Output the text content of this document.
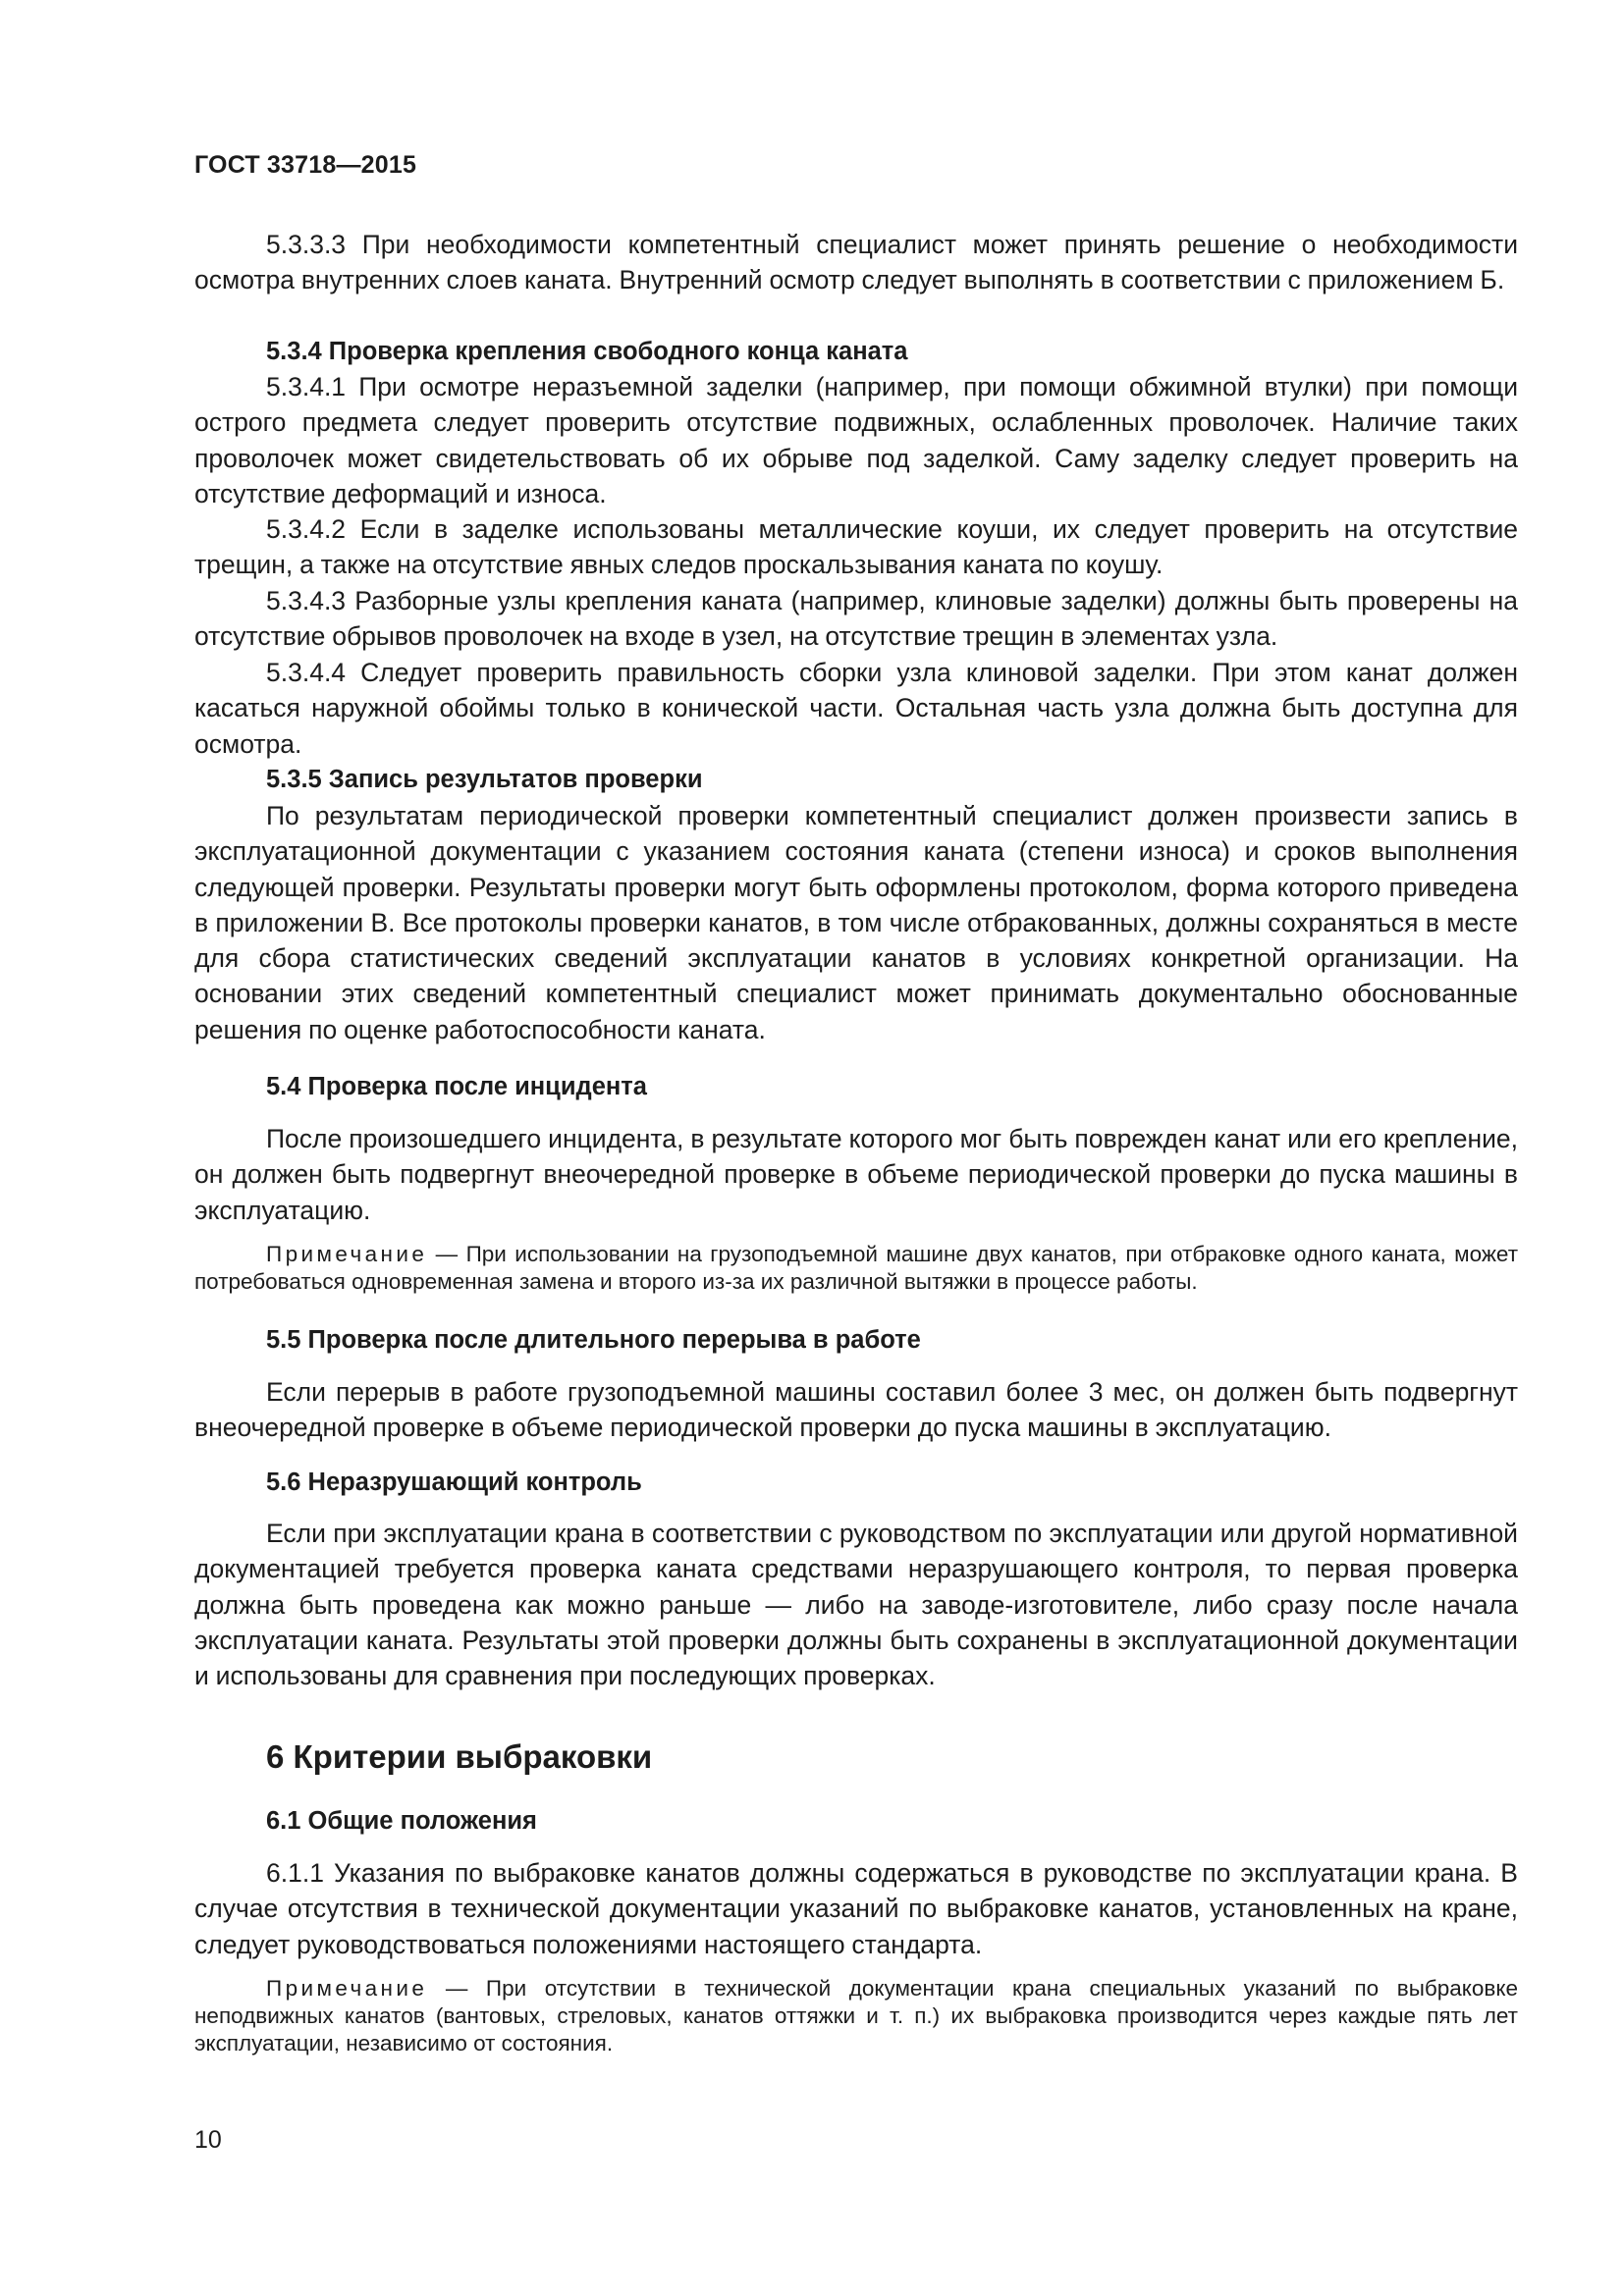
ГОСТ 33718—2015

5.3.3.3 При необходимости компетентный специалист может принять решение о необходимости осмотра внутренних слоев каната. Внутренний осмотр следует выполнять в соответствии с приложением Б.

5.3.4 Проверка крепления свободного конца каната

5.3.4.1 При осмотре неразъемной заделки (например, при помощи обжимной втулки) при помощи острого предмета следует проверить отсутствие подвижных, ослабленных проволочек. Наличие таких проволочек может свидетельствовать об их обрыве под заделкой. Саму заделку следует проверить на отсутствие деформаций и износа.

5.3.4.2 Если в заделке использованы металлические коуши, их следует проверить на отсутствие трещин, а также на отсутствие явных следов проскальзывания каната по коушу.

5.3.4.3 Разборные узлы крепления каната (например, клиновые заделки) должны быть проверены на отсутствие обрывов проволочек на входе в узел, на отсутствие трещин в элементах узла.

5.3.4.4 Следует проверить правильность сборки узла клиновой заделки. При этом канат должен касаться наружной обоймы только в конической части. Остальная часть узла должна быть доступна для осмотра.

5.3.5 Запись результатов проверки

По результатам периодической проверки компетентный специалист должен произвести запись в эксплуатационной документации с указанием состояния каната (степени износа) и сроков выполнения следующей проверки. Результаты проверки могут быть оформлены протоколом, форма которого приведена в приложении В. Все протоколы проверки канатов, в том числе отбракованных, должны сохраняться в месте для сбора статистических сведений эксплуатации канатов в условиях конкретной организации. На основании этих сведений компетентный специалист может принимать документально обоснованные решения по оценке работоспособности каната.

5.4 Проверка после инцидента

После произошедшего инцидента, в результате которого мог быть поврежден канат или его крепление, он должен быть подвергнут внеочередной проверке в объеме периодической проверки до пуска машины в эксплуатацию.

Примечание — При использовании на грузоподъемной машине двух канатов, при отбраковке одного каната, может потребоваться одновременная замена и второго из-за их различной вытяжки в процессе работы.

5.5 Проверка после длительного перерыва в работе

Если перерыв в работе грузоподъемной машины составил более 3 мес, он должен быть подвергнут внеочередной проверке в объеме периодической проверки до пуска машины в эксплуатацию.

5.6 Неразрушающий контроль

Если при эксплуатации крана в соответствии с руководством по эксплуатации или другой нормативной документацией требуется проверка каната средствами неразрушающего контроля, то первая проверка должна быть проведена как можно раньше — либо на заводе-изготовителе, либо сразу после начала эксплуатации каната. Результаты этой проверки должны быть сохранены в эксплуатационной документации и использованы для сравнения при последующих проверках.

6 Критерии выбраковки
6.1 Общие положения

6.1.1 Указания по выбраковке канатов должны содержаться в руководстве по эксплуатации крана. В случае отсутствия в технической документации указаний по выбраковке канатов, установленных на кране, следует руководствоваться положениями настоящего стандарта.

Примечание — При отсутствии в технической документации крана специальных указаний по выбраковке неподвижных канатов (вантовых, стреловых, канатов оттяжки и т. п.) их выбраковка производится через каждые пять лет эксплуатации, независимо от состояния.

10
